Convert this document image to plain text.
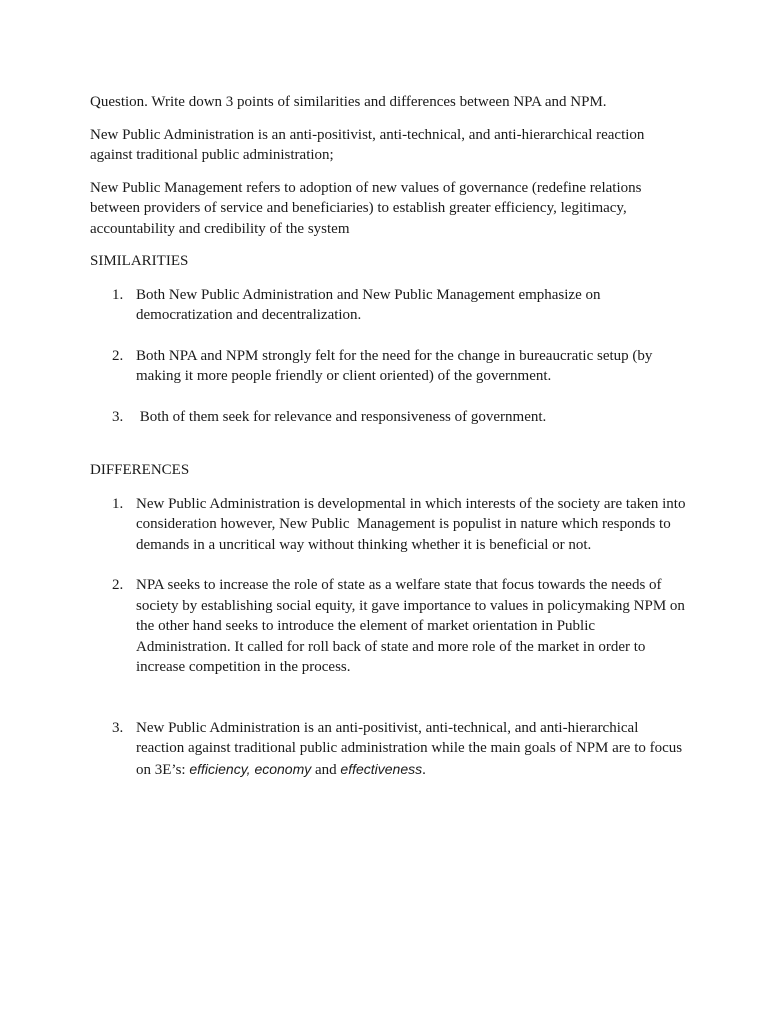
Question. Write down 3 points of similarities and differences between NPA and NPM.

New Public Administration is an anti-positivist, anti-technical, and anti-hierarchical reaction against traditional public administration;

New Public Management refers to adoption of new values of governance (redefine relations between providers of service and beneficiaries) to establish greater efficiency, legitimacy, accountability and credibility of the system

SIMILARITIES

1. Both New Public Administration and New Public Management emphasize on democratization and decentralization.
2. Both NPA and NPM strongly felt for the need for the change in bureaucratic setup (by making it more people friendly or client oriented) of the government.
3. Both of them seek for relevance and responsiveness of government.

DIFFERENCES

1. New Public Administration is developmental in which interests of the society are taken into consideration however, New Public  Management is populist in nature which responds to demands in a uncritical way without thinking whether it is beneficial or not.
2. NPA seeks to increase the role of state as a welfare state that focus towards the needs of society by establishing social equity, it gave importance to values in policymaking NPM on the other hand seeks to introduce the element of market orientation in Public Administration. It called for roll back of state and more role of the market in order to increase competition in the process.
3. New Public Administration is an anti-positivist, anti-technical, and anti-hierarchical reaction against traditional public administration while the main goals of NPM are to focus on 3E’s: efficiency, economy and effectiveness.
